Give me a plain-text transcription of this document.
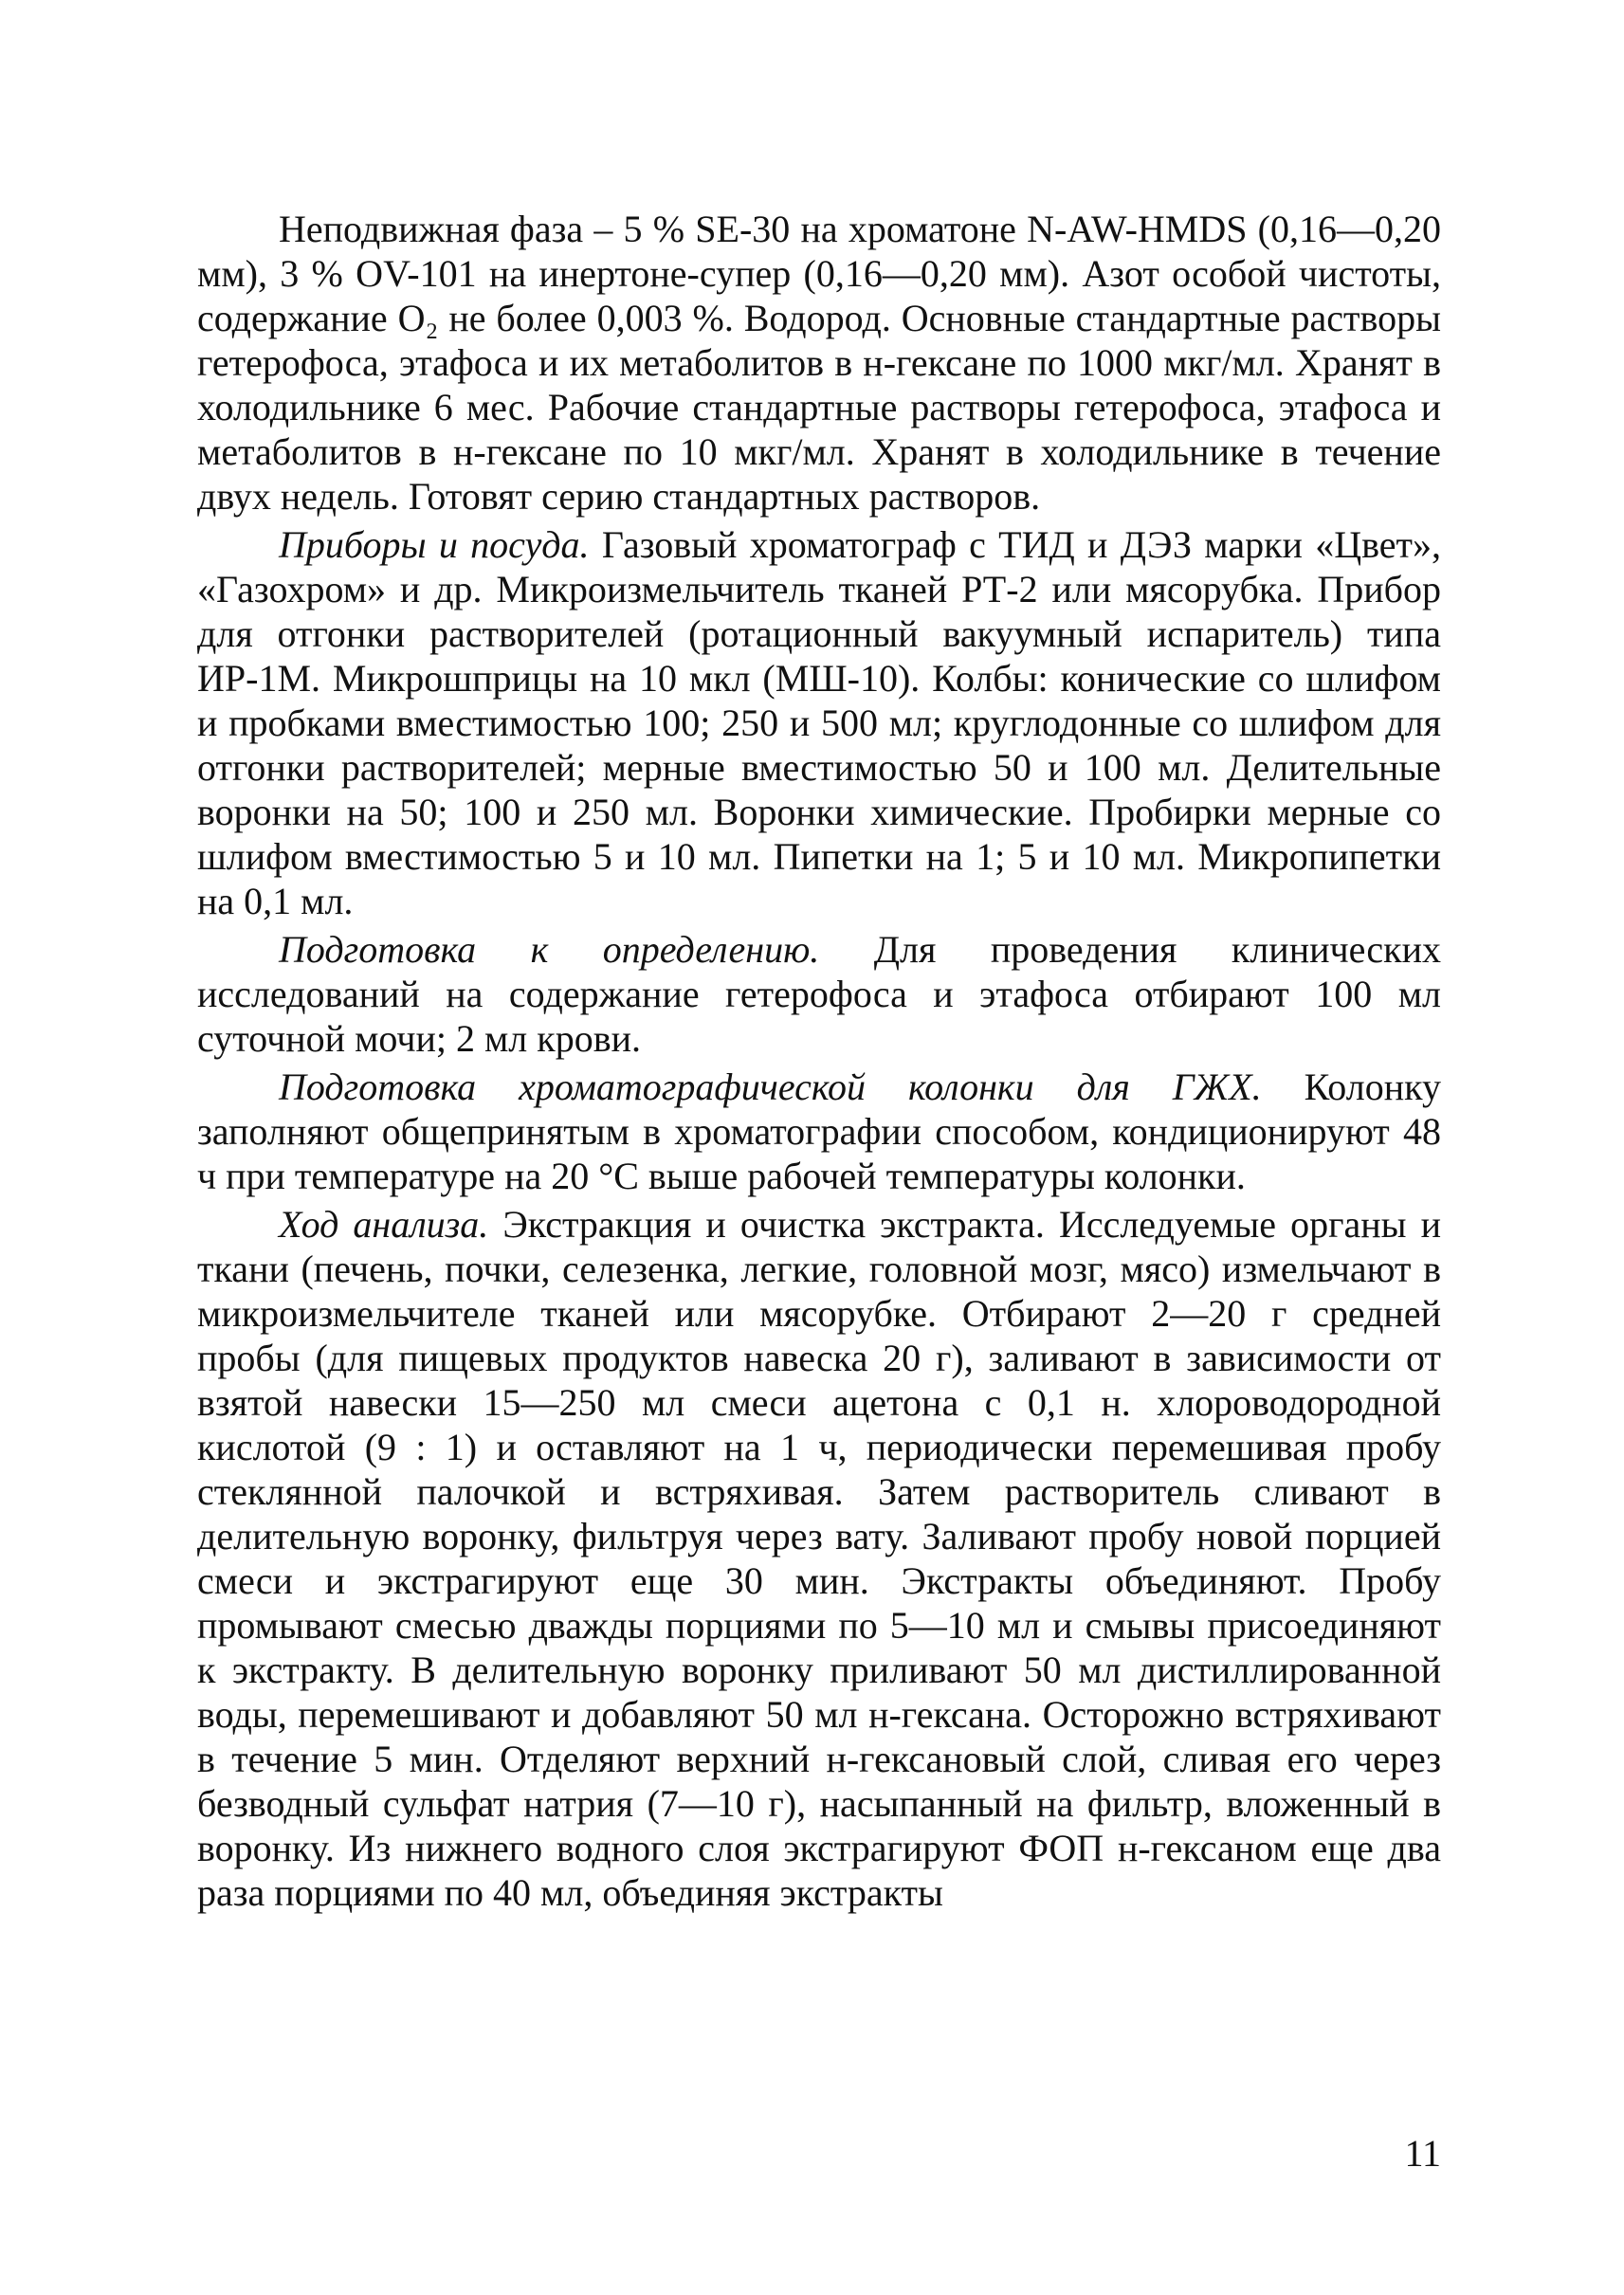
Неподвижная фаза – 5 % SE-30 на хроматоне N-AW-HMDS (0,16—0,20 мм), 3 % OV-101 на инертоне-супер (0,16—0,20 мм). Азот особой чистоты, содержание O₂ не более 0,003 %. Водород. Основные стандартные растворы гетерофоса, этафоса и их метаболитов в н-гексане по 1000 мкг/мл. Хранят в холодильнике 6 мес. Рабочие стандартные растворы гетерофоса, этафоса и метаболитов в н-гексане по 10 мкг/мл. Хранят в холодильнике в течение двух недель. Готовят серию стандартных растворов.

Приборы и посуда. Газовый хроматограф с ТИД и ДЭЗ марки «Цвет», «Газохром» и др. Микроизмельчитель тканей РТ-2 или мясорубка. Прибор для отгонки растворителей (ротационный вакуумный испаритель) типа ИР-1М. Микрошприцы на 10 мкл (МШ-10). Колбы: конические со шлифом и пробками вместимостью 100; 250 и 500 мл; круглодонные со шлифом для отгонки растворителей; мерные вместимостью 50 и 100 мл. Делительные воронки на 50; 100 и 250 мл. Воронки химические. Пробирки мерные со шлифом вместимостью 5 и 10 мл. Пипетки на 1; 5 и 10 мл. Микропипетки на 0,1 мл.

Подготовка к определению. Для проведения клинических исследований на содержание гетерофоса и этафоса отбирают 100 мл суточной мочи; 2 мл крови.

Подготовка хроматографической колонки для ГЖХ. Колонку заполняют общепринятым в хроматографии способом, кондиционируют 48 ч при температуре на 20 °С выше рабочей температуры колонки.

Ход анализа. Экстракция и очистка экстракта. Исследуемые органы и ткани (печень, почки, селезенка, легкие, головной мозг, мясо) измельчают в микроизмельчителе тканей или мясорубке. Отбирают 2—20 г средней пробы (для пищевых продуктов навеска 20 г), заливают в зависимости от взятой навески 15—250 мл смеси ацетона с 0,1 н. хлороводородной кислотой (9 : 1) и оставляют на 1 ч, периодически перемешивая пробу стеклянной палочкой и встряхивая. Затем растворитель сливают в делительную воронку, фильтруя через вату. Заливают пробу новой порцией смеси и экстрагируют еще 30 мин. Экстракты объединяют. Пробу промывают смесью дважды порциями по 5—10 мл и смывы присоединяют к экстракту. В делительную воронку приливают 50 мл дистиллированной воды, перемешивают и добавляют 50 мл н-гексана. Осторожно встряхивают в течение 5 мин. Отделяют верхний н-гексановый слой, сливая его через безводный сульфат натрия (7—10 г), насыпанный на фильтр, вложенный в воронку. Из нижнего водного слоя экстрагируют ФОП н-гексаном еще два раза порциями по 40 мл, объединяя экстракты

11
